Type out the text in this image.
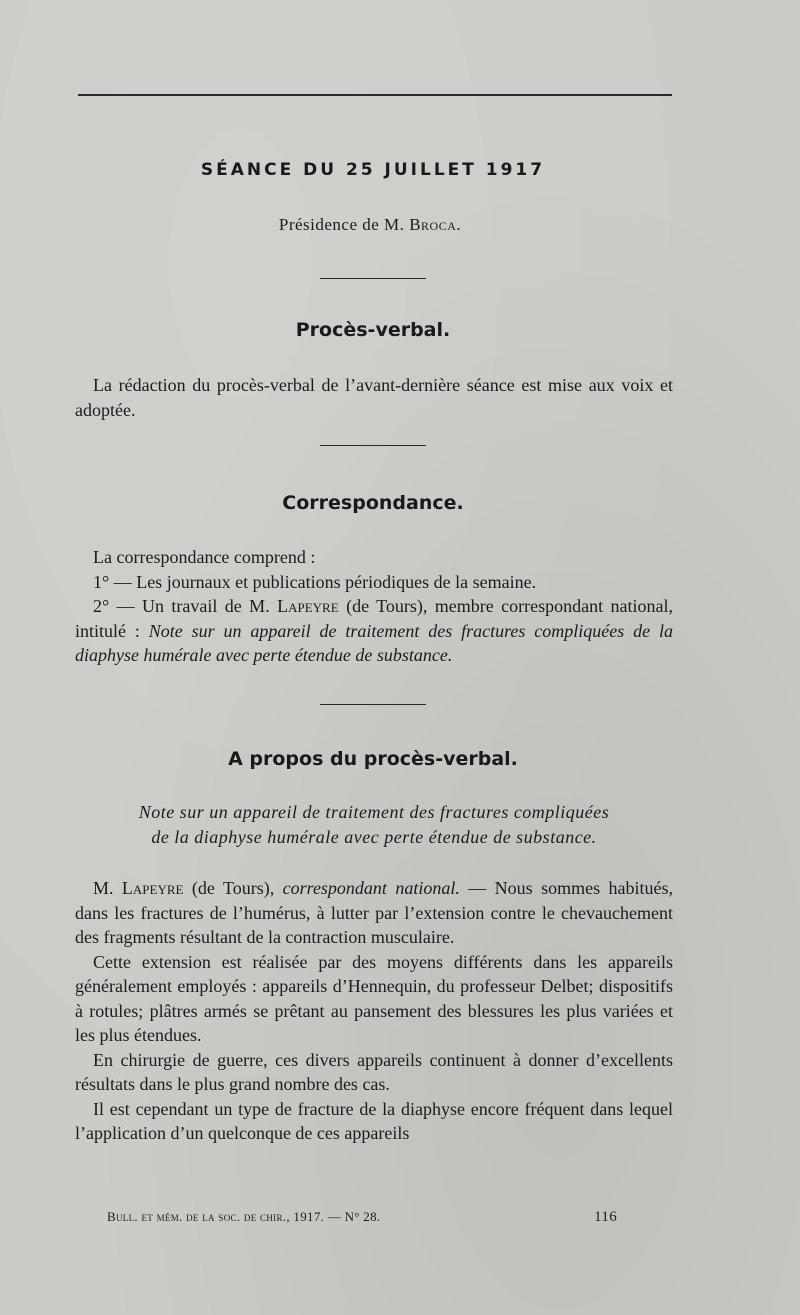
SÉANCE DU 25 JUILLET 1917
Présidence de M. Broca.
Procès-verbal.

La rédaction du procès-verbal de l’avant-dernière séance est mise aux voix et adoptée.

Correspondance.

La correspondance comprend :

1° — Les journaux et publications périodiques de la semaine.

2° — Un travail de M. Lapeyre (de Tours), membre correspondant national, intitulé : Note sur un appareil de traitement des fractures compliquées de la diaphyse humérale avec perte étendue de substance.

A propos du procès-verbal.
Note sur un appareil de traitement des fractures compliquées
de la diaphyse humérale avec perte étendue de substance.

M. Lapeyre (de Tours), correspondant national. — Nous sommes habitués, dans les fractures de l’humérus, à lutter par l’extension contre le chevauchement des fragments résultant de la contraction musculaire.

Cette extension est réalisée par des moyens différents dans les appareils généralement employés : appareils d’Hennequin, du professeur Delbet; dispositifs à rotules; plâtres armés se prêtant au pansement des blessures les plus variées et les plus étendues.

En chirurgie de guerre, ces divers appareils continuent à donner d’excellents résultats dans le plus grand nombre des cas.

Il est cependant un type de fracture de la diaphyse encore fréquent dans lequel l’application d’un quelconque de ces appareils

Bull. et mém. de la soc. de chir., 1917. — N° 28.	116
